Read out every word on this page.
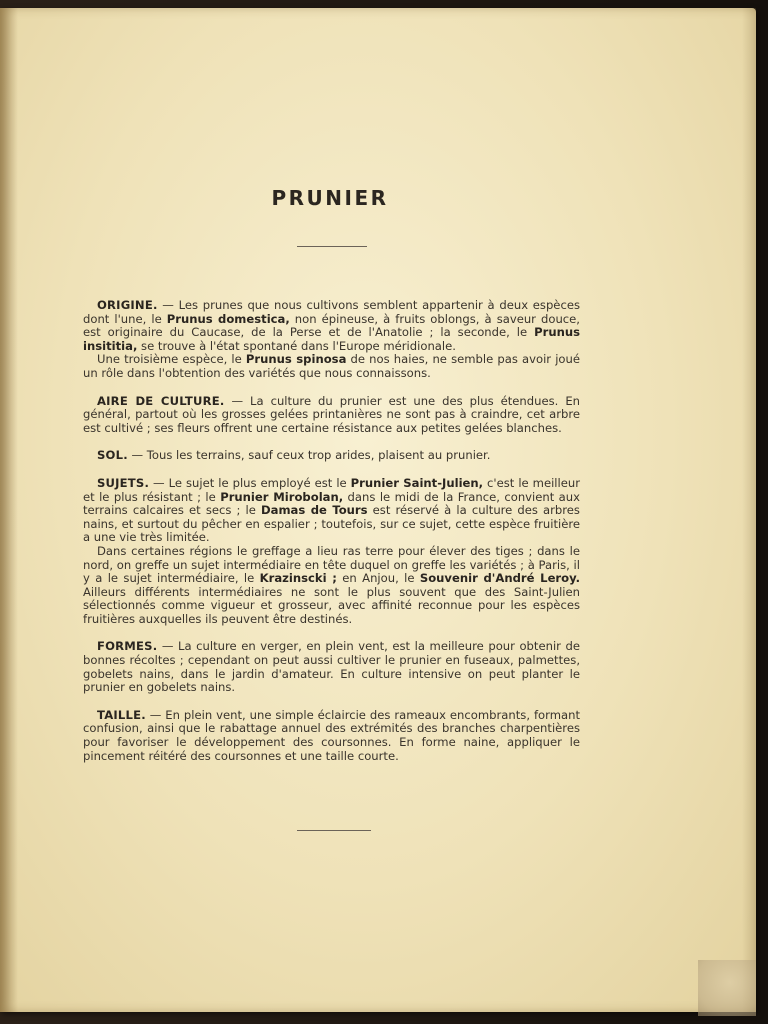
PRUNIER

ORIGINE. — Les prunes que nous cultivons semblent appartenir à deux espèces dont l'une, le Prunus domestica, non épineuse, à fruits oblongs, à saveur douce, est originaire du Caucase, de la Perse et de l'Anatolie ; la seconde, le Prunus insititia, se trouve à l'état spontané dans l'Europe méridionale.

Une troisième espèce, le Prunus spinosa de nos haies, ne semble pas avoir joué un rôle dans l'obtention des variétés que nous connaissons.

AIRE DE CULTURE. — La culture du prunier est une des plus étendues. En général, partout où les grosses gelées printanières ne sont pas à craindre, cet arbre est cultivé ; ses fleurs offrent une certaine résistance aux petites gelées blanches.

SOL. — Tous les terrains, sauf ceux trop arides, plaisent au prunier.

SUJETS. — Le sujet le plus employé est le Prunier Saint-Julien, c'est le meilleur et le plus résistant ; le Prunier Mirobolan, dans le midi de la France, convient aux terrains calcaires et secs ; le Damas de Tours est réservé à la culture des arbres nains, et surtout du pêcher en espalier ; toutefois, sur ce sujet, cette espèce fruitière a une vie très limitée.

Dans certaines régions le greffage a lieu ras terre pour élever des tiges ; dans le nord, on greffe un sujet intermédiaire en tête duquel on greffe les variétés ; à Paris, il y a le sujet intermédiaire, le Krazinscki ; en Anjou, le Souvenir d'André Leroy. Ailleurs différents intermédiaires ne sont le plus souvent que des Saint-Julien sélectionnés comme vigueur et grosseur, avec affinité reconnue pour les espèces fruitières auxquelles ils peuvent être destinés.

FORMES. — La culture en verger, en plein vent, est la meilleure pour obtenir de bonnes récoltes ; cependant on peut aussi cultiver le prunier en fuseaux, palmettes, gobelets nains, dans le jardin d'amateur. En culture intensive on peut planter le prunier en gobelets nains.

TAILLE. — En plein vent, une simple éclaircie des rameaux encombrants, formant confusion, ainsi que le rabattage annuel des extrémités des branches charpentières pour favoriser le développement des coursonnes. En forme naine, appliquer le pincement réitéré des coursonnes et une taille courte.
